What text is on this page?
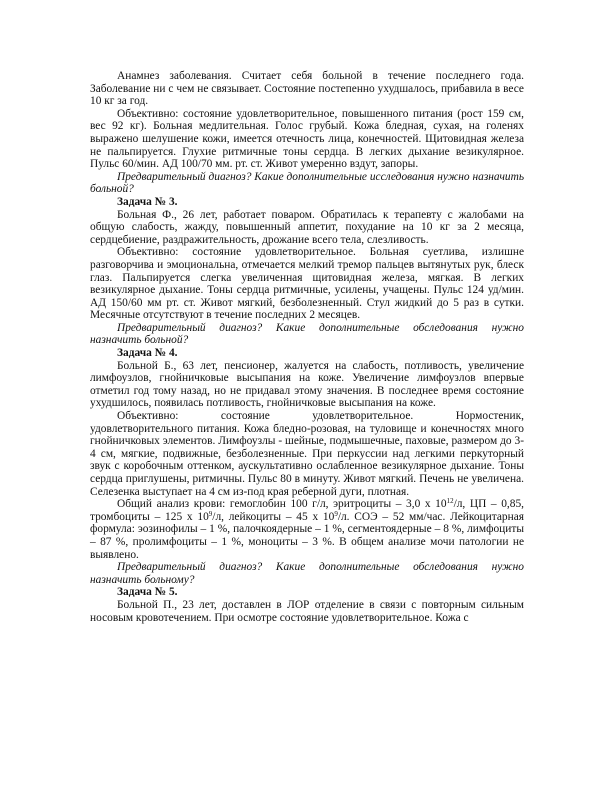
Анамнез заболевания. Считает себя больной в течение последнего года. Заболевание ни с чем не связывает. Состояние постепенно ухудшалось, прибавила в весе 10 кг за год.

Объективно: состояние удовлетворительное, повышенного питания (рост 159 см, вес 92 кг). Больная медлительная. Голос грубый. Кожа бледная, сухая, на голенях выражено шелушение кожи, имеется отечность лица, конечностей. Щитовидная железа не пальпируется. Глухие ритмичные тоны сердца. В легких дыхание везикулярное. Пульс 60/мин. АД 100/70 мм. рт. ст. Живот умеренно вздут, запоры.

Предварительный диагноз? Какие дополнительные исследования нужно назначить больной?

Задача № 3.

Больная Ф., 26 лет, работает поваром. Обратилась к терапевту с жалобами на общую слабость, жажду, повышенный аппетит, похудание на 10 кг за 2 месяца, сердцебиение, раздражительность, дрожание всего тела, слезливость.

Объективно: состояние удовлетворительное. Больная суетлива, излишне разговорчива и эмоциональна, отмечается мелкий тремор пальцев вытянутых рук, блеск глаз. Пальпируется слегка увеличенная щитовидная железа, мягкая. В легких везикулярное дыхание. Тоны сердца ритмичные, усилены, учащены. Пульс 124 уд/мин. АД 150/60 мм рт. ст. Живот мягкий, безболезненный. Стул жидкий до 5 раз в сутки. Месячные отсутствуют в течение последних 2 месяцев.

Предварительный диагноз? Какие дополнительные обследования нужно назначить больной?

Задача № 4.

Больной Б., 63 лет, пенсионер, жалуется на слабость, потливость, увеличение лимфоузлов, гнойничковые высыпания на коже. Увеличение лимфоузлов впервые отметил год тому назад, но не придавал этому значения. В последнее время состояние ухудшилось, появилась потливость, гнойничковые высыпания на коже.

Объективно: состояние удовлетворительное. Нормостеник,

удовлетворительного питания. Кожа бледно-розовая, на туловище и конечностях много гнойничковых элементов. Лимфоузлы - шейные, подмышечные, паховые, размером до 3-4 см, мягкие, подвижные, безболезненные. При перкуссии над легкими перкуторный звук с коробочным оттенком, аускультативно ослабленное везикулярное дыхание. Тоны сердца приглушены, ритмичны. Пульс 80 в минуту. Живот мягкий. Печень не увеличена. Селезенка выступает на 4 см из-под края реберной дуги, плотная.

Общий анализ крови: гемоглобин 100 г/л, эритроциты – 3,0 х $10^{12}/л$, ЦП – 0,85, тромбоциты – 125 х $10^9/л$, лейкоциты – 45 х $10^9/л$. СОЭ – 52 мм/час. Лейкоцитарная формула: эозинофилы – 1 %, палочкоядерные – 1 %, сегментоядерные – 8 %, лимфоциты – 87 %, пролимфоциты – 1 %, моноциты – 3 %. В общем анализе мочи патологии не выявлено.

Предварительный диагноз? Какие дополнительные обследования нужно назначить больному?

Задача № 5.

Больной П., 23 лет, доставлен в ЛОР отделение в связи с повторным сильным носовым кровотечением. При осмотре состояние удовлетворительное. Кожа с
